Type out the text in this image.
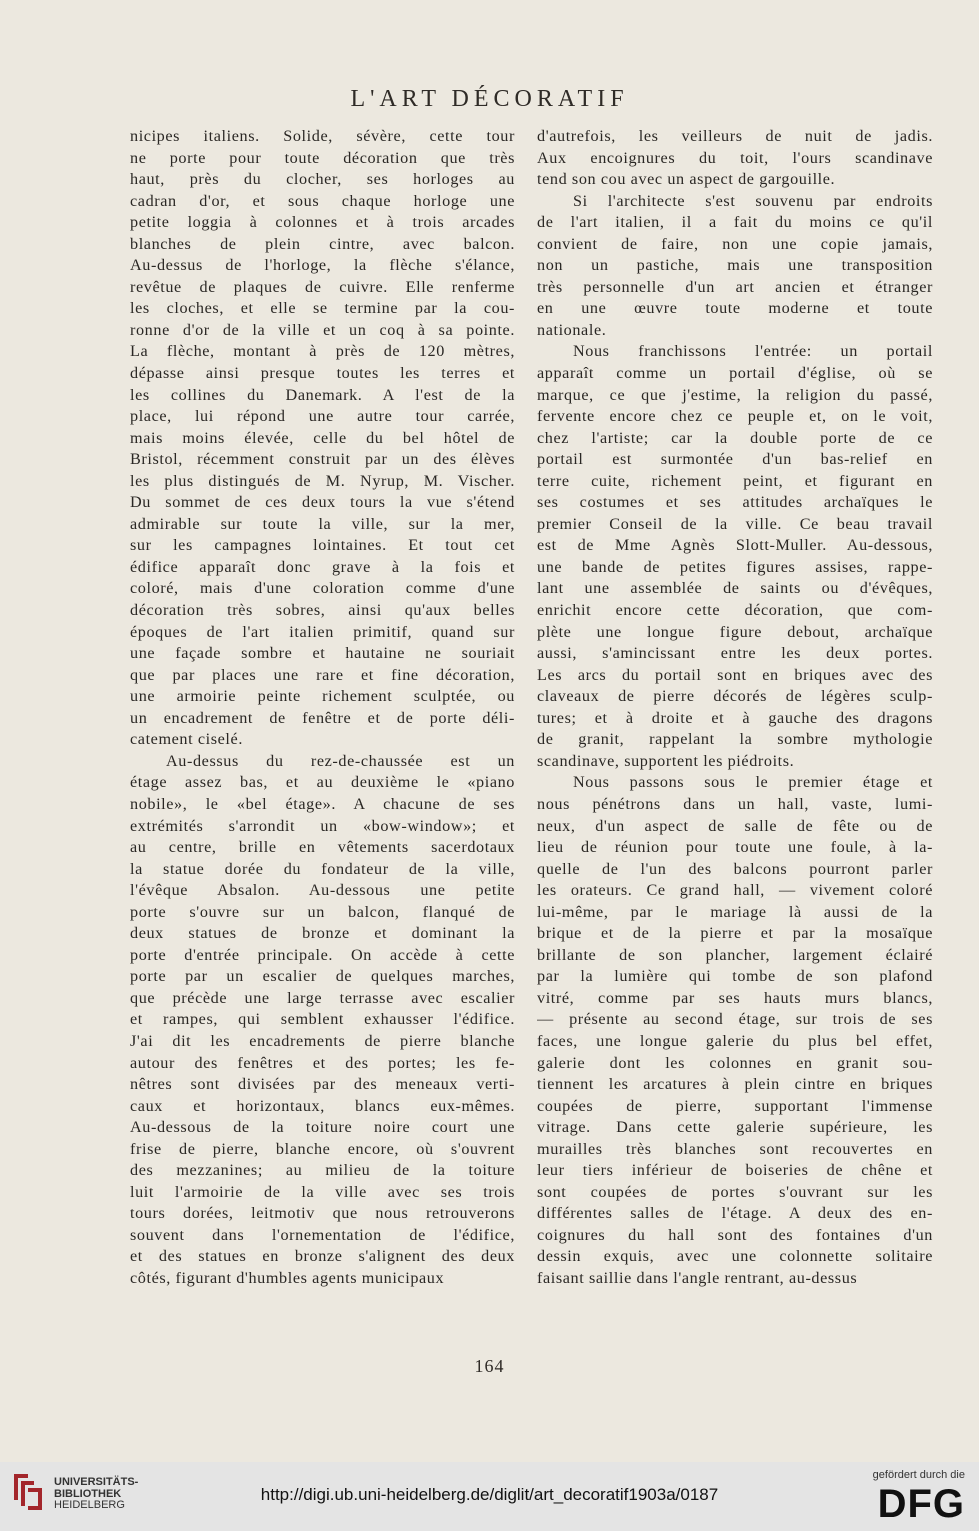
L'ART DÉCORATIF
nicipes italiens. Solide, sévère, cette tour
ne porte pour toute décoration que très
haut, près du clocher, ses horloges au
cadran d'or, et sous chaque horloge une
petite loggia à colonnes et à trois arcades
blanches de plein cintre, avec balcon.
Au-dessus de l'horloge, la flèche s'élance,
revêtue de plaques de cuivre. Elle renferme
les cloches, et elle se termine par la cou-
ronne d'or de la ville et un coq à sa pointe.
La flèche, montant à près de 120 mètres,
dépasse ainsi presque toutes les terres et
les collines du Danemark. A l'est de la
place, lui répond une autre tour carrée,
mais moins élevée, celle du bel hôtel de
Bristol, récemment construit par un des élèves
les plus distingués de M. Nyrup, M. Vischer.
Du sommet de ces deux tours la vue s'étend
admirable sur toute la ville, sur la mer,
sur les campagnes lointaines. Et tout cet
édifice apparaît donc grave à la fois et
coloré, mais d'une coloration comme d'une
décoration très sobres, ainsi qu'aux belles
époques de l'art italien primitif, quand sur
une façade sombre et hautaine ne souriait
que par places une rare et fine décoration,
une armoirie peinte richement sculptée, ou
un encadrement de fenêtre et de porte déli-
catement ciselé.
Au-dessus du rez-de-chaussée est un
étage assez bas, et au deuxième le «piano
nobile», le «bel étage». A chacune de ses
extrémités s'arrondit un «bow-window»; et
au centre, brille en vêtements sacerdotaux
la statue dorée du fondateur de la ville,
l'évêque Absalon. Au-dessous une petite
porte s'ouvre sur un balcon, flanqué de
deux statues de bronze et dominant la
porte d'entrée principale. On accède à cette
porte par un escalier de quelques marches,
que précède une large terrasse avec escalier
et rampes, qui semblent exhausser l'édifice.
J'ai dit les encadrements de pierre blanche
autour des fenêtres et des portes; les fe-
nêtres sont divisées par des meneaux verti-
caux et horizontaux, blancs eux-mêmes.
Au-dessous de la toiture noire court une
frise de pierre, blanche encore, où s'ouvrent
des mezzanines; au milieu de la toiture
luit l'armoirie de la ville avec ses trois
tours dorées, leitmotiv que nous retrouverons
souvent dans l'ornementation de l'édifice,
et des statues en bronze s'alignent des deux
côtés, figurant d'humbles agents municipaux
d'autrefois, les veilleurs de nuit de jadis.
Aux encoignures du toit, l'ours scandinave
tend son cou avec un aspect de gargouille.
Si l'architecte s'est souvenu par endroits
de l'art italien, il a fait du moins ce qu'il
convient de faire, non une copie jamais,
non un pastiche, mais une transposition
très personnelle d'un art ancien et étranger
en une œuvre toute moderne et toute
nationale.
Nous franchissons l'entrée: un portail
apparaît comme un portail d'église, où se
marque, ce que j'estime, la religion du passé,
fervente encore chez ce peuple et, on le voit,
chez l'artiste; car la double porte de ce
portail est surmontée d'un bas-relief en
terre cuite, richement peint, et figurant en
ses costumes et ses attitudes archaïques le
premier Conseil de la ville. Ce beau travail
est de Mme Agnès Slott-Muller. Au-dessous,
une bande de petites figures assises, rappe-
lant une assemblée de saints ou d'évêques,
enrichit encore cette décoration, que com-
plète une longue figure debout, archaïque
aussi, s'amincissant entre les deux portes.
Les arcs du portail sont en briques avec des
claveaux de pierre décorés de légères sculp-
tures; et à droite et à gauche des dragons
de granit, rappelant la sombre mythologie
scandinave, supportent les piédroits.
Nous passons sous le premier étage et
nous pénétrons dans un hall, vaste, lumi-
neux, d'un aspect de salle de fête ou de
lieu de réunion pour toute une foule, à la-
quelle de l'un des balcons pourront parler
les orateurs. Ce grand hall, — vivement coloré
lui-même, par le mariage là aussi de la
brique et de la pierre et par la mosaïque
brillante de son plancher, largement éclairé
par la lumière qui tombe de son plafond
vitré, comme par ses hauts murs blancs,
— présente au second étage, sur trois de ses
faces, une longue galerie du plus bel effet,
galerie dont les colonnes en granit sou-
tiennent les arcatures à plein cintre en briques
coupées de pierre, supportant l'immense
vitrage. Dans cette galerie supérieure, les
murailles très blanches sont recouvertes en
leur tiers inférieur de boiseries de chêne et
sont coupées de portes s'ouvrant sur les
différentes salles de l'étage. A deux des en-
coignures du hall sont des fontaines d'un
dessin exquis, avec une colonnette solitaire
faisant saillie dans l'angle rentrant, au-dessus
164
UNIVERSITÄTS-
BIBLIOTHEK
HEIDELBERG
http://digi.ub.uni-heidelberg.de/diglit/art_decoratif1903a/0187
gefördert durch die
DFG
